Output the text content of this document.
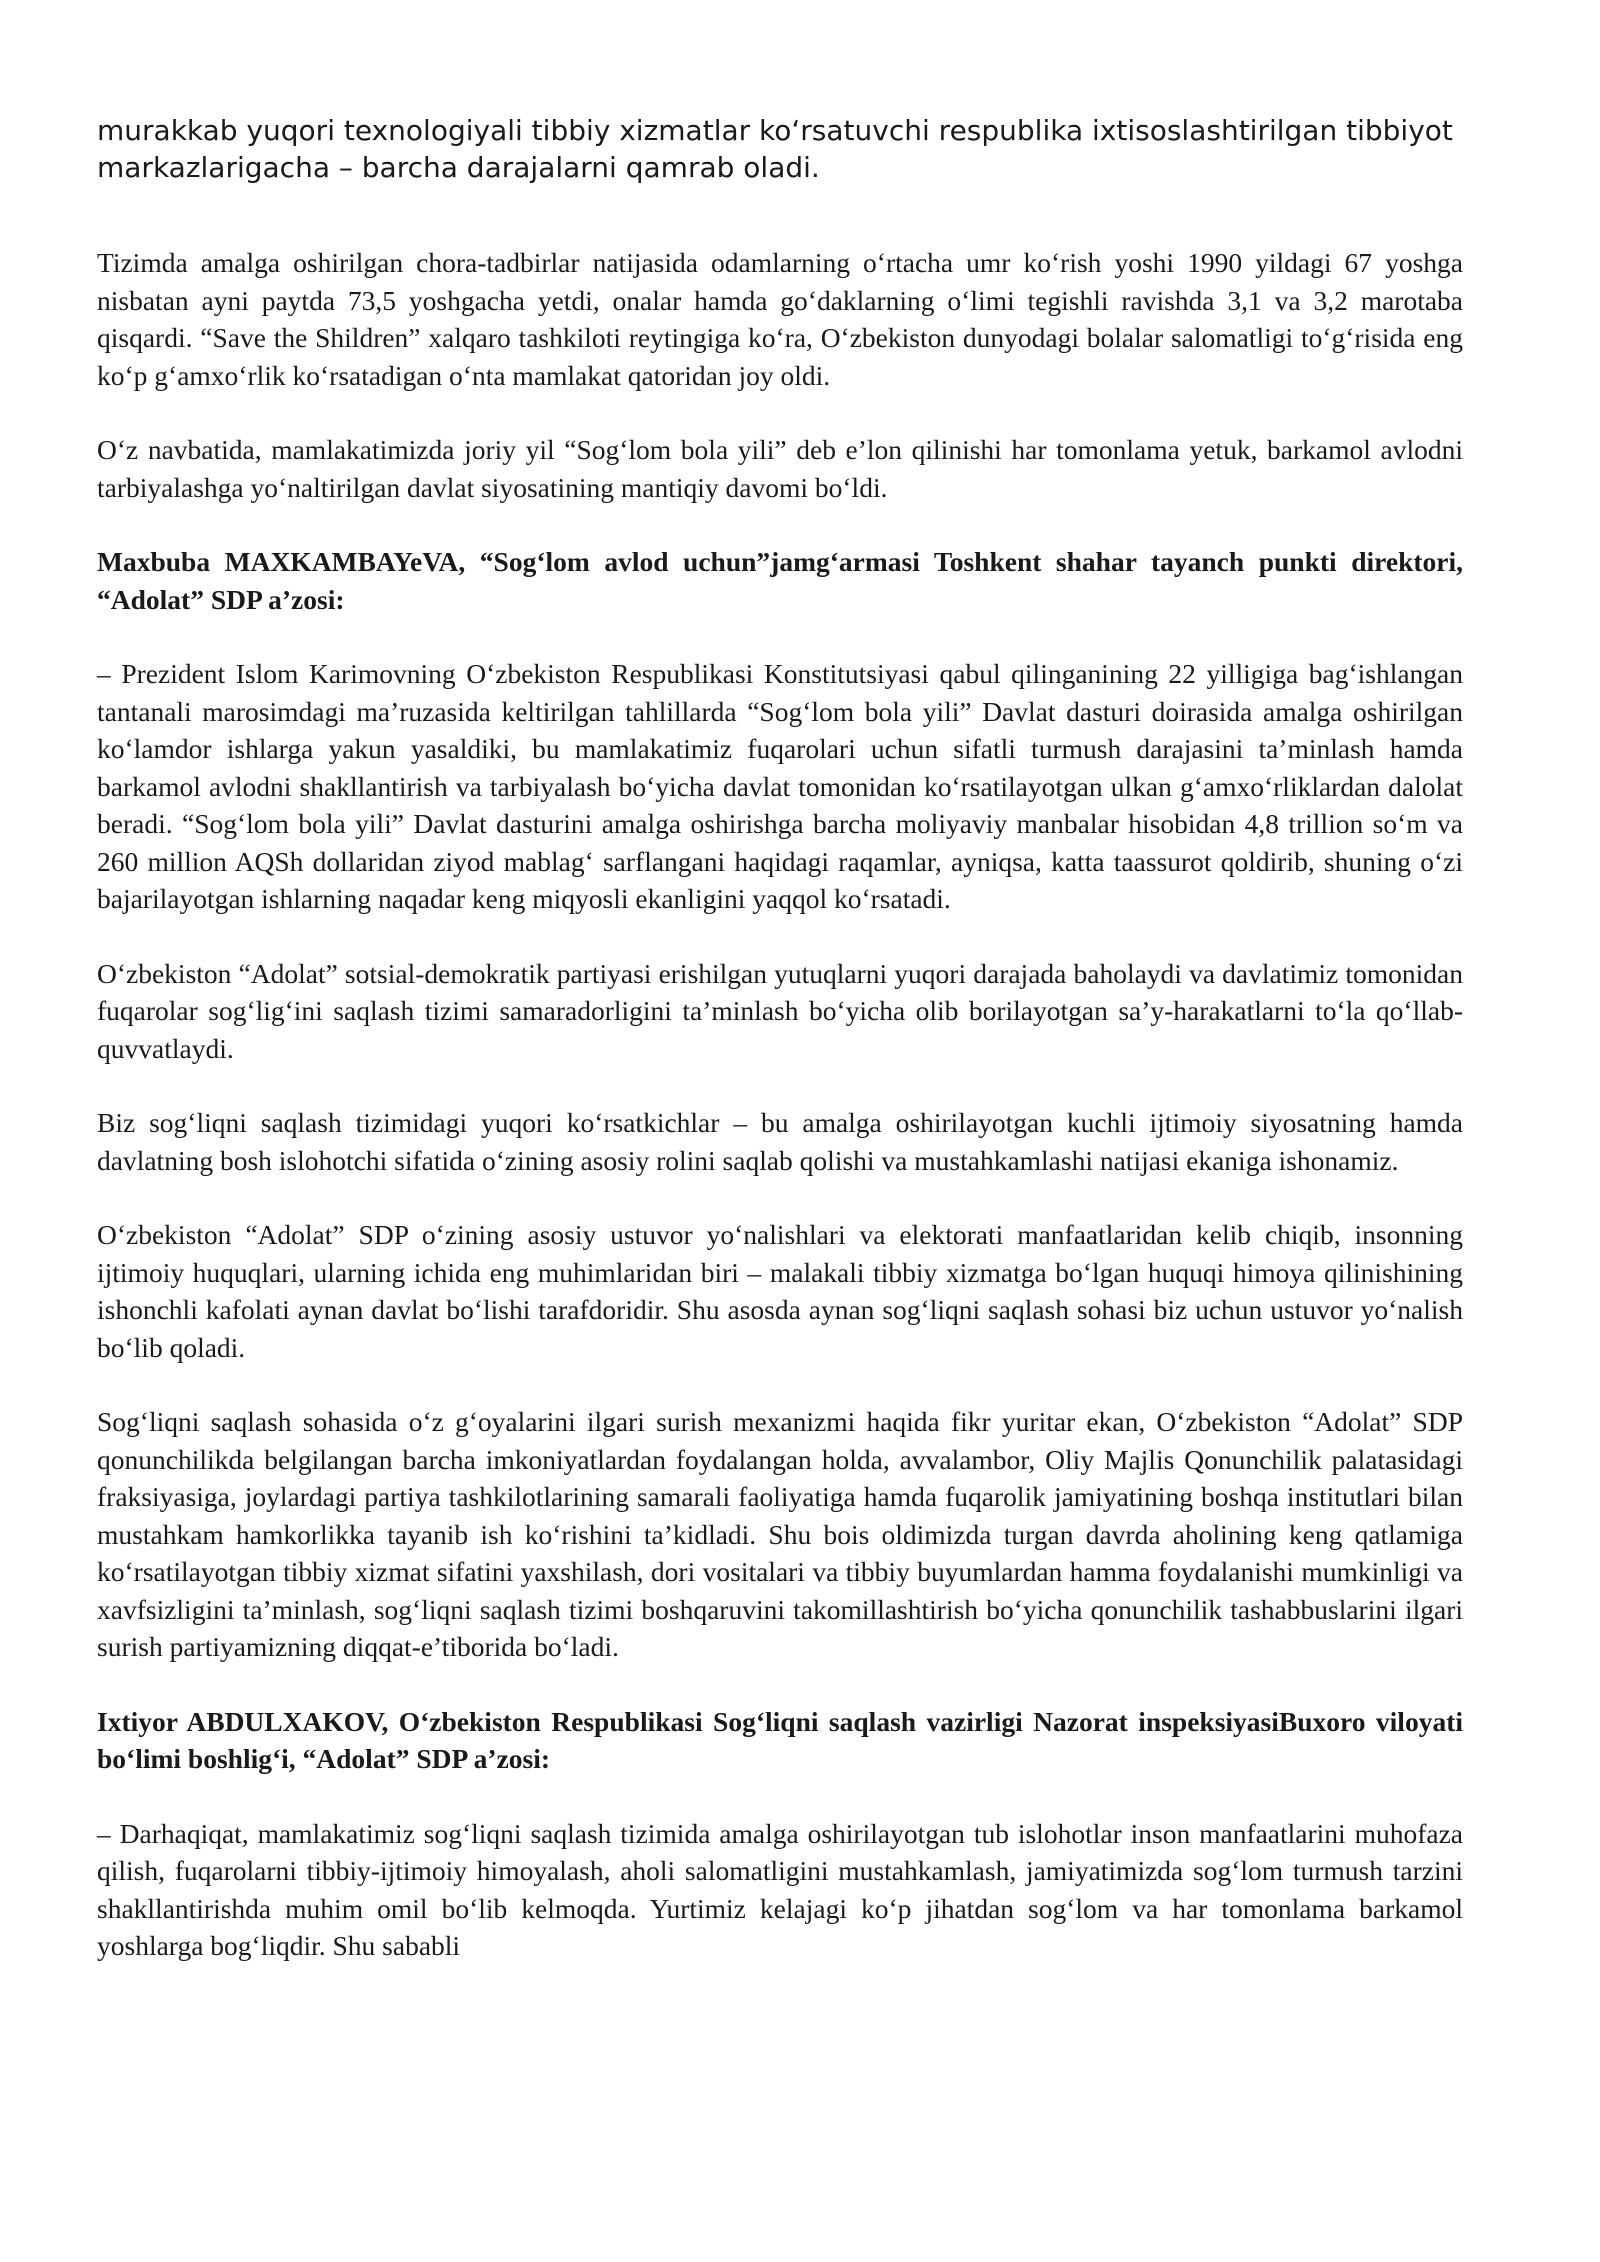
murakkab yuqori texnologiyali tibbiy xizmatlar koʻrsatuvchi respublika ixtisoslashtirilgan tibbiyot markazlarigacha – barcha darajalarni qamrab oladi.

Tizimda amalga oshirilgan chora-tadbirlar natijasida odamlarning oʻrtacha umr koʻrish yoshi 1990 yildagi 67 yoshga nisbatan ayni paytda 73,5 yoshgacha yetdi, onalar hamda goʻdaklarning oʻlimi tegishli ravishda 3,1 va 3,2 marotaba qisqardi. “Save the Shildren” xalqaro tashkiloti reytingiga koʻra, Oʻzbekiston dunyodagi bolalar salomatligi toʻgʻrisida eng koʻp gʻamxoʻrlik koʻrsatadigan oʻnta mamlakat qatoridan joy oldi.

Oʻz navbatida, mamlakatimizda joriy yil “Sogʻlom bola yili” deb e’lon qilinishi har tomonlama yetuk, barkamol avlodni tarbiyalashga yoʻnaltirilgan davlat siyosatining mantiqiy davomi boʻldi.

Maxbuba MAXKAMBAYeVA, “Sogʻlom avlod uchun”jamgʻarmasi Toshkent shahar tayanch punkti direktori, “Adolat” SDP a’zosi:

– Prezident Islom Karimovning Oʻzbekiston Respublikasi Konstitutsiyasi qabul qilinganining 22 yilligiga bagʻishlangan tantanali marosimdagi ma’ruzasida keltirilgan tahlillarda “Sogʻlom bola yili” Davlat dasturi doirasida amalga oshirilgan koʻlamdor ishlarga yakun yasaldiki, bu mamlakatimiz fuqarolari uchun sifatli turmush darajasini ta’minlash hamda barkamol avlodni shakllantirish va tarbiyalash boʻyicha davlat tomonidan koʻrsatilayotgan ulkan gʻamxoʻrliklardan dalolat beradi. “Sogʻlom bola yili” Davlat dasturini amalga oshirishga barcha moliyaviy manbalar hisobidan 4,8 trillion soʻm va 260 million AQSh dollaridan ziyod mablagʻ sarflangani haqidagi raqamlar, ayniqsa, katta taassurot qoldirib, shuning oʻzi bajarilayotgan ishlarning naqadar keng miqyosli ekanligini yaqqol koʻrsatadi.

Oʻzbekiston “Adolat” sotsial-demokratik partiyasi erishilgan yutuqlarni yuqori darajada baholaydi va davlatimiz tomonidan fuqarolar sogʻligʻini saqlash tizimi samaradorligini ta’minlash boʻyicha olib borilayotgan sa’y-harakatlarni toʻla qoʻllab-quvvatlaydi.

Biz sogʻliqni saqlash tizimidagi yuqori koʻrsatkichlar – bu amalga oshirilayotgan kuchli ijtimoiy siyosatning hamda davlatning bosh islohotchi sifatida oʻzining asosiy rolini saqlab qolishi va mustahkamlashi natijasi ekaniga ishonamiz.

Oʻzbekiston “Adolat” SDP oʻzining asosiy ustuvor yoʻnalishlari va elektorati manfaatlaridan kelib chiqib, insonning ijtimoiy huquqlari, ularning ichida eng muhimlaridan biri – malakali tibbiy xizmatga boʻlgan huquqi himoya qilinishining ishonchli kafolati aynan davlat boʻlishi tarafdoridir. Shu asosda aynan sogʻliqni saqlash sohasi biz uchun ustuvor yoʻnalish boʻlib qoladi.

Sogʻliqni saqlash sohasida oʻz gʻoyalarini ilgari surish mexanizmi haqida fikr yuritar ekan, Oʻzbekiston “Adolat” SDP qonunchilikda belgilangan barcha imkoniyatlardan foydalangan holda, avvalambor, Oliy Majlis Qonunchilik palatasidagi fraksiyasiga, joylardagi partiya tashkilotlarining samarali faoliyatiga hamda fuqarolik jamiyatining boshqa institutlari bilan mustahkam hamkorlikka tayanib ish koʻrishini ta’kidladi. Shu bois oldimizda turgan davrda aholining keng qatlamiga koʻrsatilayotgan tibbiy xizmat sifatini yaxshilash, dori vositalari va tibbiy buyumlardan hamma foydalanishi mumkinligi va xavfsizligini ta’minlash, sogʻliqni saqlash tizimi boshqaruvini takomillashtirish boʻyicha qonunchilik tashabbuslarini ilgari surish partiyamizning diqqat-e’tiborida boʻladi.

Ixtiyor ABDULXAKOV, Oʻzbekiston Respublikasi Sogʻliqni saqlash vazirligi Nazorat inspeksiyasiBuxoro viloyati boʻlimi boshligʻi, “Adolat” SDP a’zosi:

– Darhaqiqat, mamlakatimiz sogʻliqni saqlash tizimida amalga oshirilayotgan tub islohotlar inson manfaatlarini muhofaza qilish, fuqarolarni tibbiy-ijtimoiy himoyalash, aholi salomatligini mustahkamlash, jamiyatimizda sogʻlom turmush tarzini shakllantirishda muhim omil boʻlib kelmoqda. Yurtimiz kelajagi koʻp jihatdan sogʻlom va har tomonlama barkamol yoshlarga bogʻliqdir. Shu sababli
